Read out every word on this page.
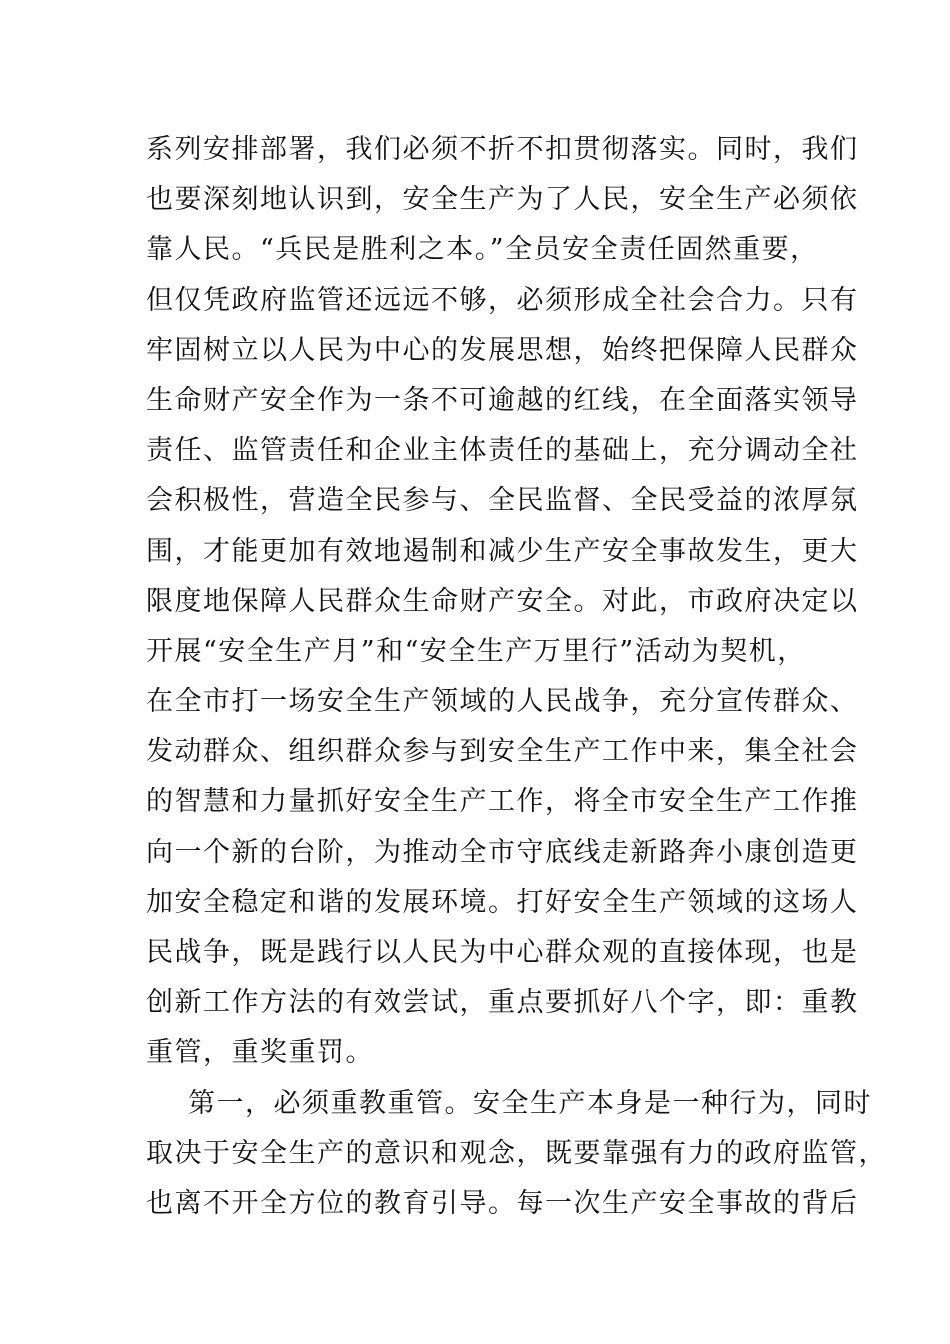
系列安排部署，我们必须不折不扣贯彻落实。同时，我们
也要深刻地认识到，安全生产为了人民，安全生产必须依
靠人民。“兵民是胜利之本。”全员安全责任固然重要，
但仅凭政府监管还远远不够，必须形成全社会合力。只有
牢固树立以人民为中心的发展思想，始终把保障人民群众
生命财产安全作为一条不可逾越的红线，在全面落实领导
责任、监管责任和企业主体责任的基础上，充分调动全社
会积极性，营造全民参与、全民监督、全民受益的浓厚氛
围，才能更加有效地遏制和减少生产安全事故发生，更大
限度地保障人民群众生命财产安全。对此，市政府决定以
开展“安全生产月”和“安全生产万里行”活动为契机，
在全市打一场安全生产领域的人民战争，充分宣传群众、
发动群众、组织群众参与到安全生产工作中来，集全社会
的智慧和力量抓好安全生产工作，将全市安全生产工作推
向一个新的台阶，为推动全市守底线走新路奔小康创造更
加安全稳定和谐的发展环境。打好安全生产领域的这场人
民战争，既是践行以人民为中心群众观的直接体现，也是
创新工作方法的有效尝试，重点要抓好八个字，即：重教
重管，重奖重罚。
第一，必须重教重管。安全生产本身是一种行为，同时
取决于安全生产的意识和观念，既要靠强有力的政府监管，
也离不开全方位的教育引导。每一次生产安全事故的背后
